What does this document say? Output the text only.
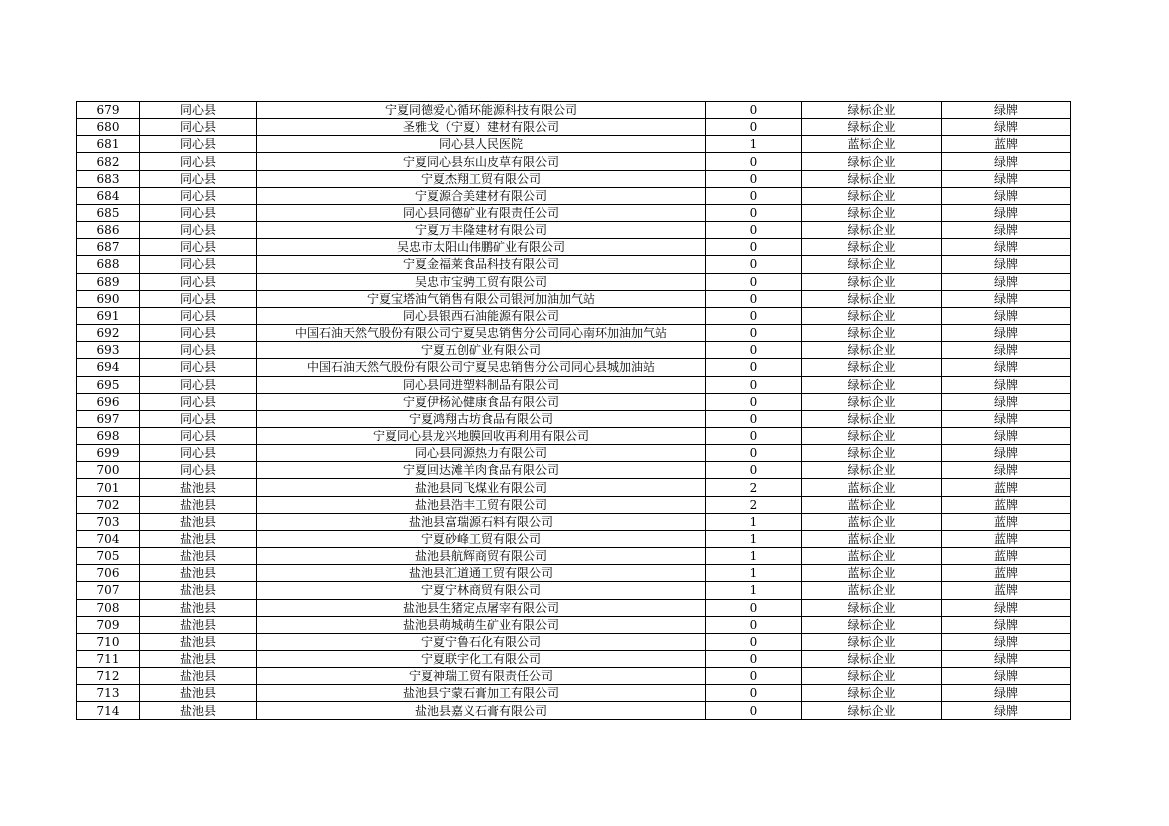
679	同心县	宁夏同德爱心循环能源科技有限公司	0	绿标企业	绿牌
680	同心县	圣雅戈（宁夏）建材有限公司	0	绿标企业	绿牌
681	同心县	同心县人民医院	1	蓝标企业	蓝牌
682	同心县	宁夏同心县东山皮草有限公司	0	绿标企业	绿牌
683	同心县	宁夏杰翔工贸有限公司	0	绿标企业	绿牌
684	同心县	宁夏源合美建材有限公司	0	绿标企业	绿牌
685	同心县	同心县同德矿业有限责任公司	0	绿标企业	绿牌
686	同心县	宁夏万丰隆建材有限公司	0	绿标企业	绿牌
687	同心县	吴忠市太阳山伟鹏矿业有限公司	0	绿标企业	绿牌
688	同心县	宁夏金福莱食品科技有限公司	0	绿标企业	绿牌
689	同心县	吴忠市宝骋工贸有限公司	0	绿标企业	绿牌
690	同心县	宁夏宝塔油气销售有限公司银河加油加气站	0	绿标企业	绿牌
691	同心县	同心县银西石油能源有限公司	0	绿标企业	绿牌
692	同心县	中国石油天然气股份有限公司宁夏吴忠销售分公司同心南环加油加气站	0	绿标企业	绿牌
693	同心县	宁夏五创矿业有限公司	0	绿标企业	绿牌
694	同心县	中国石油天然气股份有限公司宁夏吴忠销售分公司同心县城加油站	0	绿标企业	绿牌
695	同心县	同心县同进塑料制品有限公司	0	绿标企业	绿牌
696	同心县	宁夏伊杨沁健康食品有限公司	0	绿标企业	绿牌
697	同心县	宁夏鸿翔古坊食品有限公司	0	绿标企业	绿牌
698	同心县	宁夏同心县龙兴地膜回收再利用有限公司	0	绿标企业	绿牌
699	同心县	同心县同源热力有限公司	0	绿标企业	绿牌
700	同心县	宁夏回达滩羊肉食品有限公司	0	绿标企业	绿牌
701	盐池县	盐池县同飞煤业有限公司	2	蓝标企业	蓝牌
702	盐池县	盐池县浩丰工贸有限公司	2	蓝标企业	蓝牌
703	盐池县	盐池县富瑞源石料有限公司	1	蓝标企业	蓝牌
704	盐池县	宁夏砂峰工贸有限公司	1	蓝标企业	蓝牌
705	盐池县	盐池县航辉商贸有限公司	1	蓝标企业	蓝牌
706	盐池县	盐池县汇道通工贸有限公司	1	蓝标企业	蓝牌
707	盐池县	宁夏宁林商贸有限公司	1	蓝标企业	蓝牌
708	盐池县	盐池县生猪定点屠宰有限公司	0	绿标企业	绿牌
709	盐池县	盐池县萌城萌生矿业有限公司	0	绿标企业	绿牌
710	盐池县	宁夏宁鲁石化有限公司	0	绿标企业	绿牌
711	盐池县	宁夏联宇化工有限公司	0	绿标企业	绿牌
712	盐池县	宁夏神瑞工贸有限责任公司	0	绿标企业	绿牌
713	盐池县	盐池县宁蒙石膏加工有限公司	0	绿标企业	绿牌
714	盐池县	盐池县嘉义石膏有限公司	0	绿标企业	绿牌
